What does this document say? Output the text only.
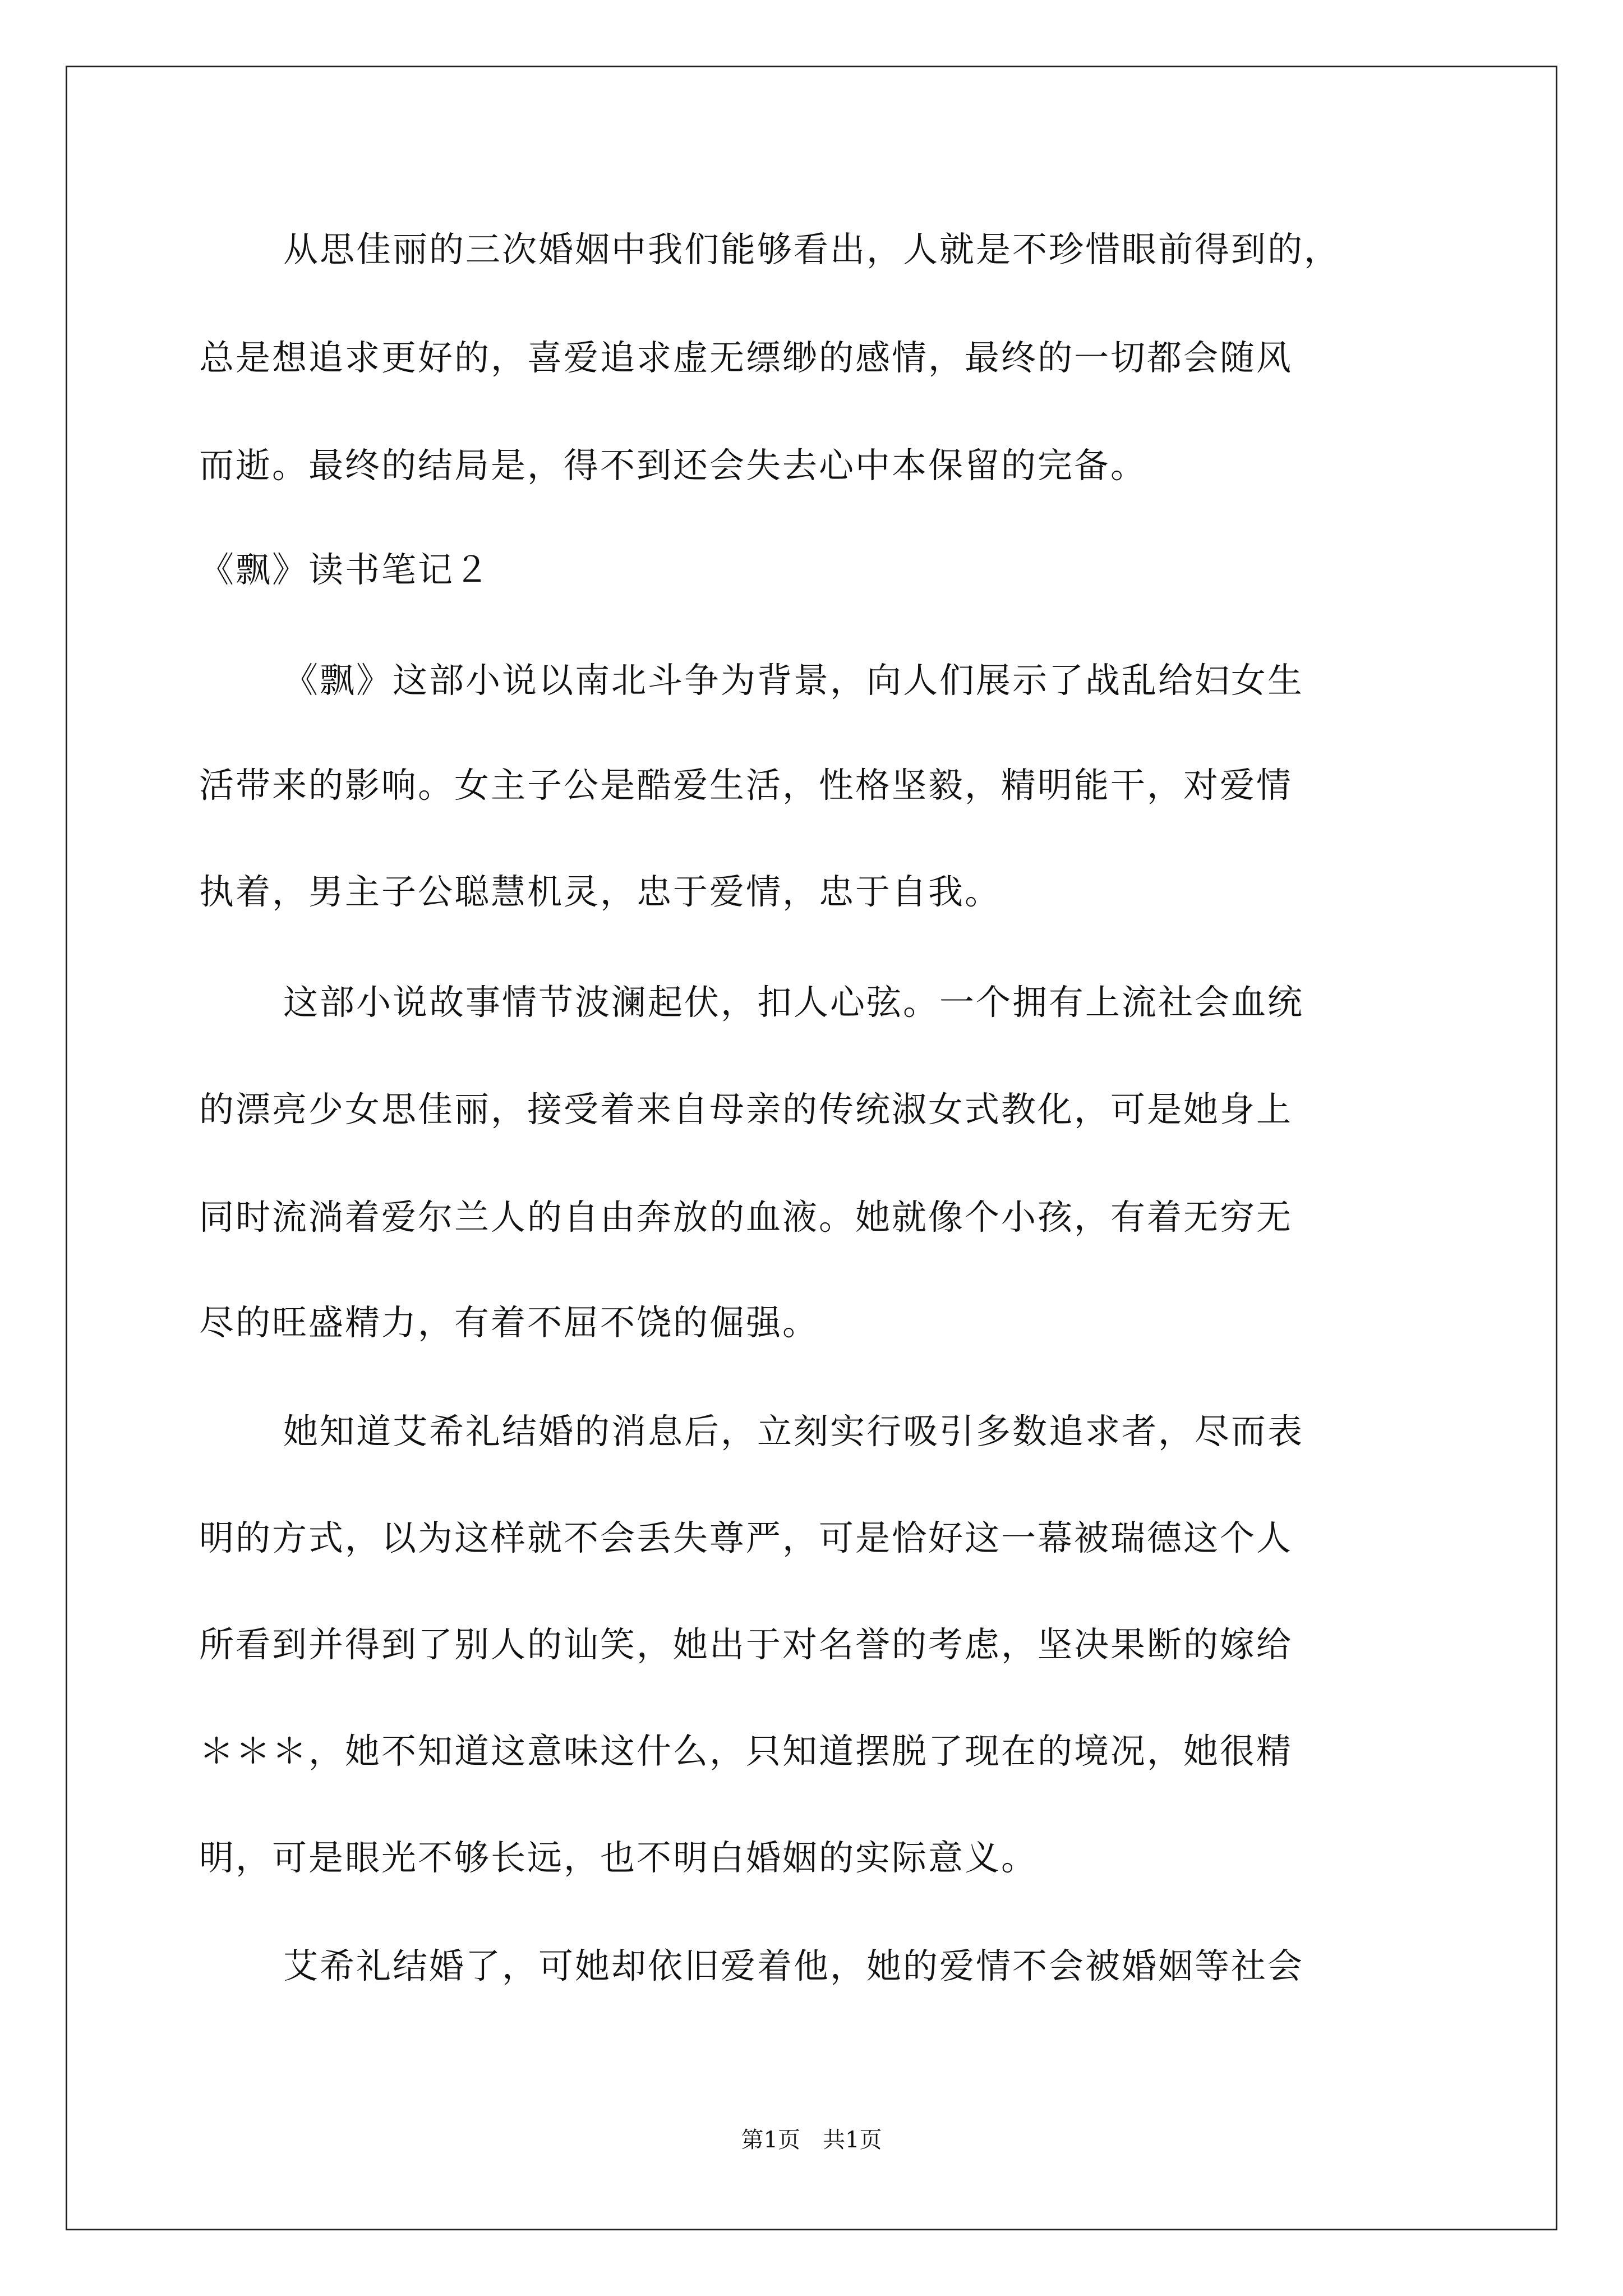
从思佳丽的三次婚姻中我们能够看出，人就是不珍惜眼前得到的，
总是想追求更好的，喜爱追求虚无缥缈的感情，最终的一切都会随风
而逝。最终的结局是，得不到还会失去心中本保留的完备。
《飘》读书笔记２
《飘》这部小说以南北斗争为背景，向人们展示了战乱给妇女生
活带来的影响。女主子公是酷爱生活，性格坚毅，精明能干，对爱情
执着，男主子公聪慧机灵，忠于爱情，忠于自我。
这部小说故事情节波澜起伏，扣人心弦。一个拥有上流社会血统
的漂亮少女思佳丽，接受着来自母亲的传统淑女式教化，可是她身上
同时流淌着爱尔兰人的自由奔放的血液。她就像个小孩，有着无穷无
尽的旺盛精力，有着不屈不饶的倔强。
她知道艾希礼结婚的消息后，立刻实行吸引多数追求者，尽而表
明的方式，以为这样就不会丢失尊严，可是恰好这一幕被瑞德这个人
所看到并得到了别人的讪笑，她出于对名誉的考虑，坚决果断的嫁给
＊＊＊，她不知道这意味这什么，只知道摆脱了现在的境况，她很精
明，可是眼光不够长远，也不明白婚姻的实际意义。
艾希礼结婚了，可她却依旧爱着他，她的爱情不会被婚姻等社会
第1页　共1页
